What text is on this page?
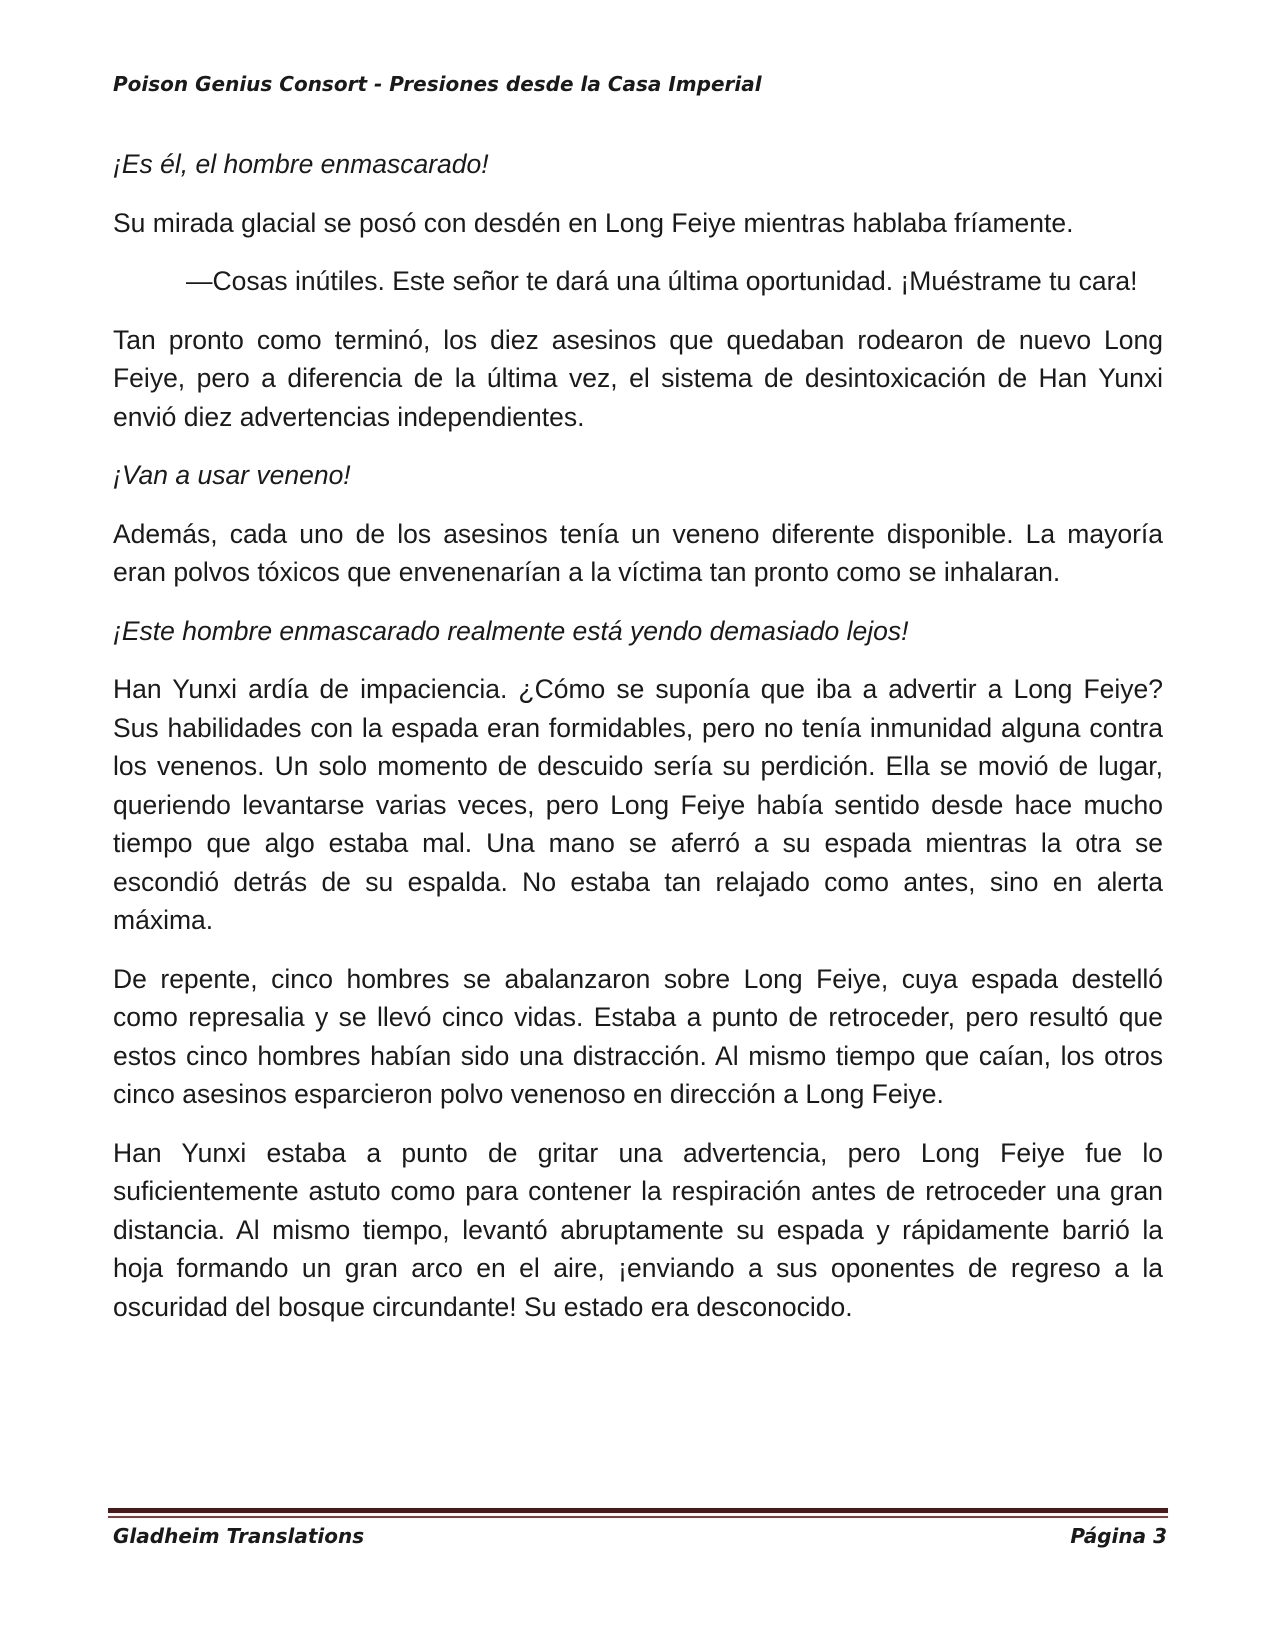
Poison Genius Consort - Presiones desde la Casa Imperial

¡Es él, el hombre enmascarado!

Su mirada glacial se posó con desdén en Long Feiye mientras hablaba fríamente.

—Cosas inútiles. Este señor te dará una última oportunidad. ¡Muéstrame tu cara!

Tan pronto como terminó, los diez asesinos que quedaban rodearon de nuevo Long Feiye, pero a diferencia de la última vez, el sistema de desintoxicación de Han Yunxi envió diez advertencias independientes.

¡Van a usar veneno!

Además, cada uno de los asesinos tenía un veneno diferente disponible. La mayoría eran polvos tóxicos que envenenarían a la víctima tan pronto como se inhalaran.

¡Este hombre enmascarado realmente está yendo demasiado lejos!

Han Yunxi ardía de impaciencia. ¿Cómo se suponía que iba a advertir a Long Feiye? Sus habilidades con la espada eran formidables, pero no tenía inmunidad alguna contra los venenos. Un solo momento de descuido sería su perdición. Ella se movió de lugar, queriendo levantarse varias veces, pero Long Feiye había sentido desde hace mucho tiempo que algo estaba mal. Una mano se aferró a su espada mientras la otra se escondió detrás de su espalda. No estaba tan relajado como antes, sino en alerta máxima.

De repente, cinco hombres se abalanzaron sobre Long Feiye, cuya espada destelló como represalia y se llevó cinco vidas. Estaba a punto de retroceder, pero resultó que estos cinco hombres habían sido una distracción. Al mismo tiempo que caían, los otros cinco asesinos esparcieron polvo venenoso en dirección a Long Feiye.

Han Yunxi estaba a punto de gritar una advertencia, pero Long Feiye fue lo suficientemente astuto como para contener la respiración antes de retroceder una gran distancia. Al mismo tiempo, levantó abruptamente su espada y rápidamente barrió la hoja formando un gran arco en el aire, ¡enviando a sus oponentes de regreso a la oscuridad del bosque circundante! Su estado era desconocido.

Gladheim Translations	Página 3
